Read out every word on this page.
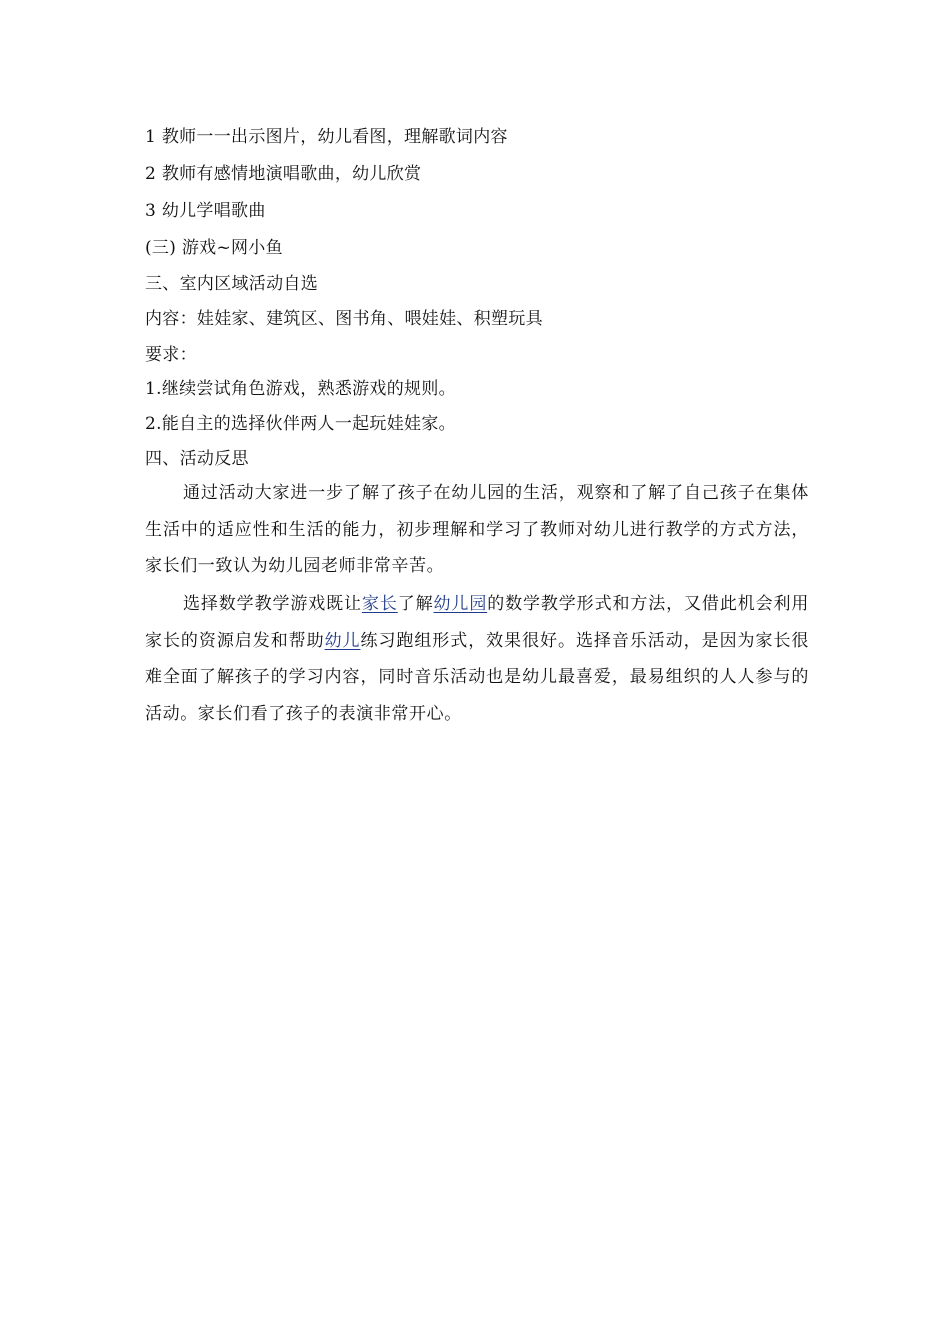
1 教师一一出示图片，幼儿看图，理解歌词内容
2 教师有感情地演唱歌曲，幼儿欣赏
3 幼儿学唱歌曲
(三) 游戏~网小鱼
三、室内区域活动自选
内容：娃娃家、建筑区、图书角、喂娃娃、积塑玩具
要求：
1.继续尝试角色游戏，熟悉游戏的规则。
2.能自主的选择伙伴两人一起玩娃娃家。
四、活动反思

通过活动大家进一步了解了孩子在幼儿园的生活，观察和了解了自己孩子在集体生活中的适应性和生活的能力，初步理解和学习了教师对幼儿进行教学的方式方法，家长们一致认为幼儿园老师非常辛苦。

选择数学教学游戏既让家长了解幼儿园的数学教学形式和方法，又借此机会利用家长的资源启发和帮助幼儿练习跑组形式，效果很好。选择音乐活动，是因为家长很难全面了解孩子的学习内容，同时音乐活动也是幼儿最喜爱，最易组织的人人参与的活动。家长们看了孩子的表演非常开心。
